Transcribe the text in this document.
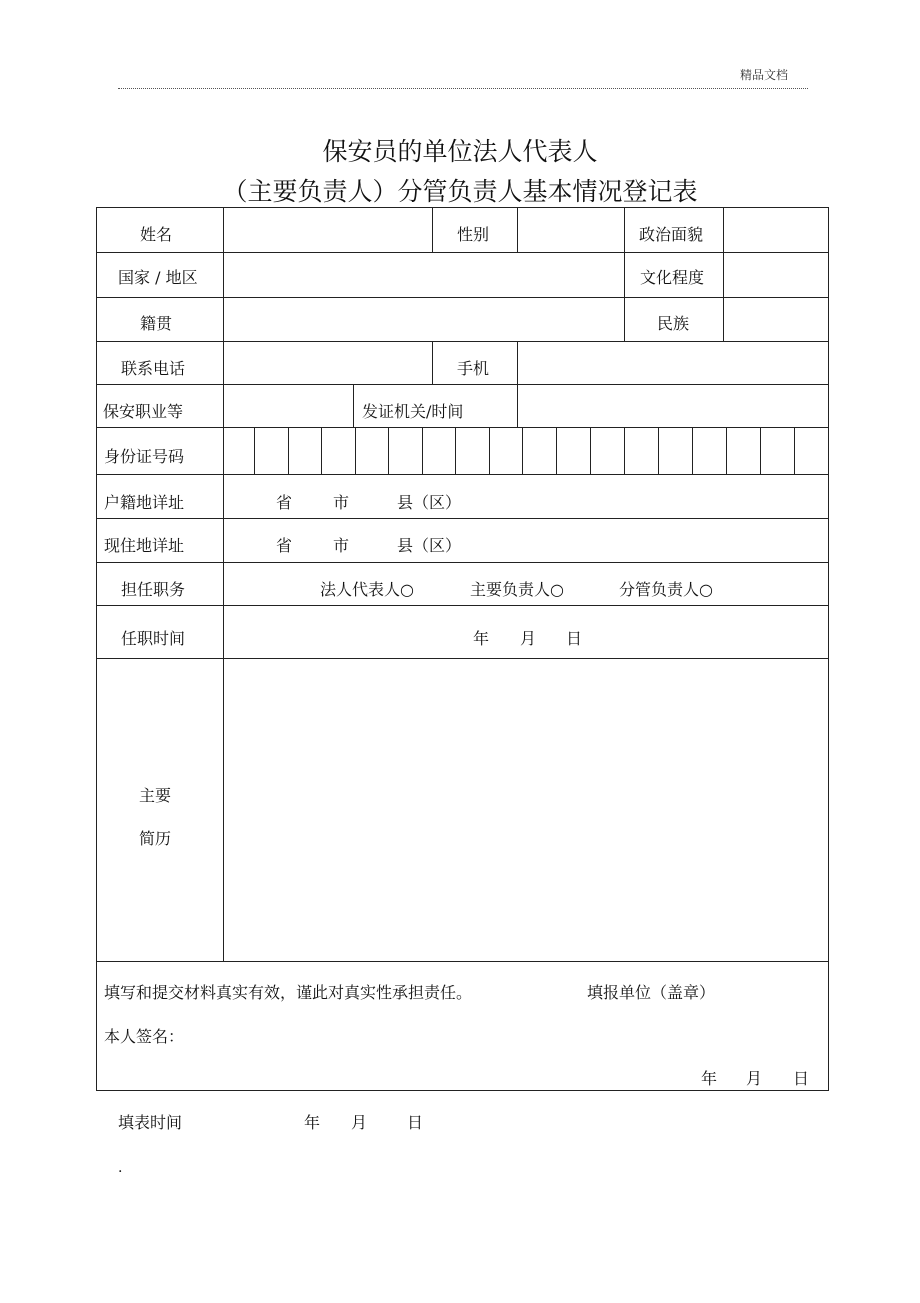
精品文档
保安员的单位法人代表人
（主要负责人）分管负责人基本情况登记表
姓名	性别	政治面貌
国家 / 地区	文化程度
籍贯	民族
联系电话	手机
保安职业等	发证机关/时间
身份证号码
户籍地详址	省	市	县（区）
现住地详址	省	市	县（区）
担任职务	法人代表人○	主要负责人○	分管负责人○
任职时间	年 月 日
主要
简历
填写和提交材料真实有效，谨此对真实性承担责任。	填报单位（盖章）
本人签名：
年 月 日
填表时间	年 月 日
.
